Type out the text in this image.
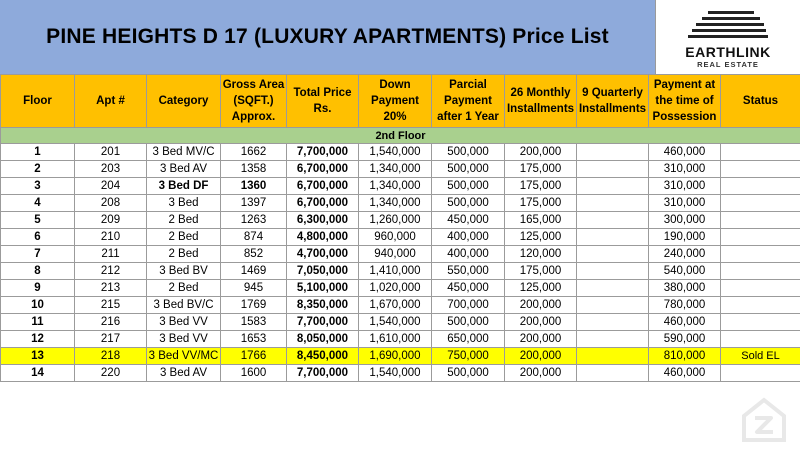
PINE HEIGHTS D 17 (LUXURY APARTMENTS) Price List
EARTHLINK
REAL ESTATE
Floor	Apt #	Category	Gross Area (SQFT.) Approx.	Total Price Rs.	Down Payment 20%	Parcial Payment after 1 Year	26 Monthly Installments	9 Quarterly Installments	Payment at the time of Possession	Status
2nd Floor										
1	201	3 Bed MV/C	1662	7,700,000	1,540,000	500,000	200,000		460,000	
2	203	3 Bed AV	1358	6,700,000	1,340,000	500,000	175,000		310,000	
3	204	3 Bed DF	1360	6,700,000	1,340,000	500,000	175,000		310,000	
4	208	3 Bed	1397	6,700,000	1,340,000	500,000	175,000		310,000	
5	209	2 Bed	1263	6,300,000	1,260,000	450,000	165,000		300,000	
6	210	2 Bed	874	4,800,000	960,000	400,000	125,000		190,000	
7	211	2 Bed	852	4,700,000	940,000	400,000	120,000		240,000	
8	212	3 Bed BV	1469	7,050,000	1,410,000	550,000	175,000		540,000	
9	213	2 Bed	945	5,100,000	1,020,000	450,000	125,000		380,000	
10	215	3 Bed BV/C	1769	8,350,000	1,670,000	700,000	200,000		780,000	
11	216	3 Bed VV	1583	7,700,000	1,540,000	500,000	200,000		460,000	
12	217	3 Bed VV	1653	8,050,000	1,610,000	650,000	200,000		590,000	
13	218	3 Bed VV/MC	1766	8,450,000	1,690,000	750,000	200,000		810,000	Sold EL
14	220	3 Bed AV	1600	7,700,000	1,540,000	500,000	200,000		460,000	
